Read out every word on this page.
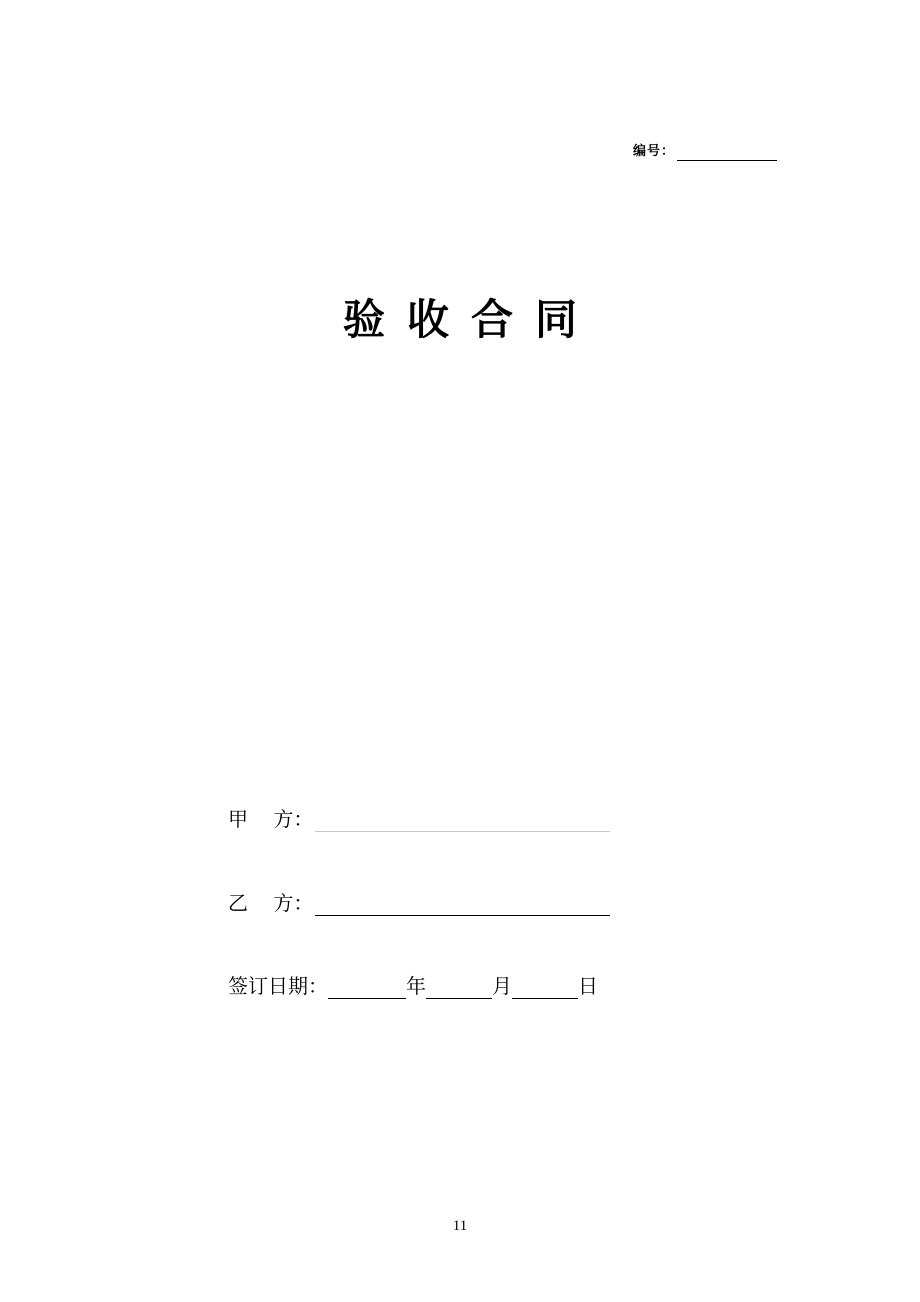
编号：
验收合同
甲    方：
乙    方：
签订日期：	年	月	日
11
